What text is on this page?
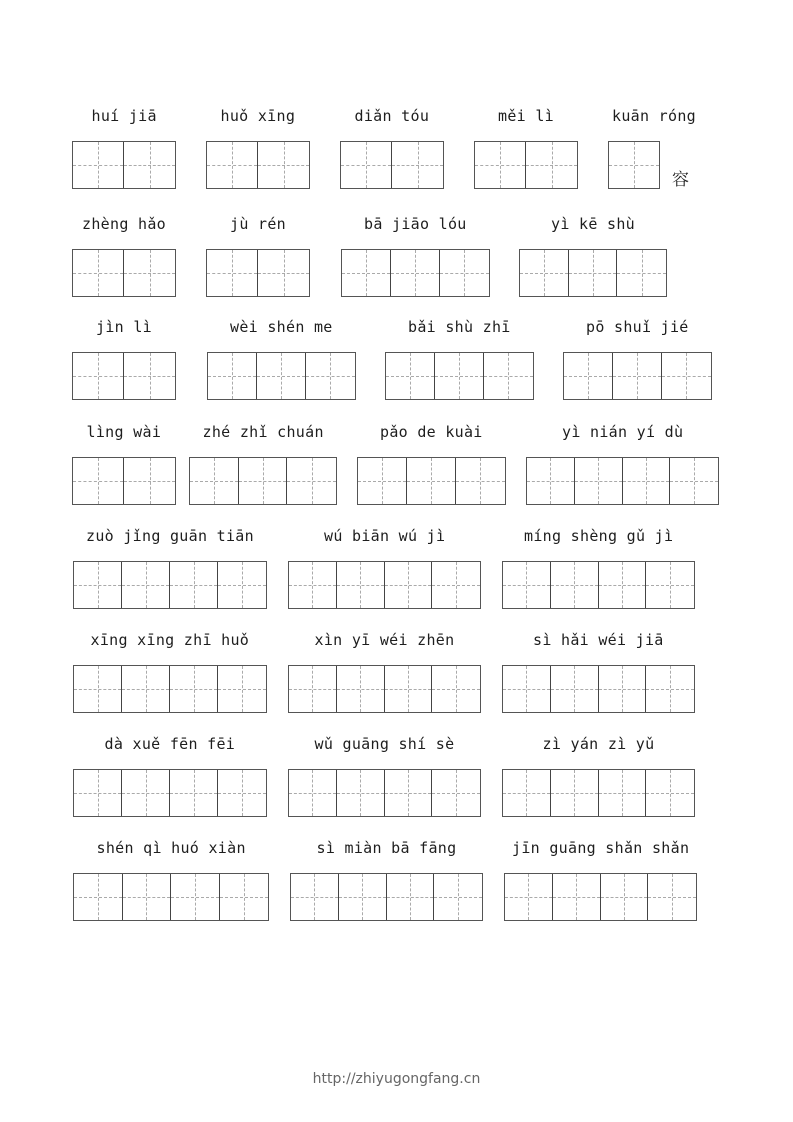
huí jiā	huǒ xīng	diǎn tóu	měi lì	kuān róng
容
zhèng hǎo	jù rén	bā jiāo lóu	yì kē shù
jìn lì	wèi shén me	bǎi shù zhī	pō shuǐ jié
lìng wài	zhé zhǐ chuán	pǎo de kuài	yì nián yí dù
zuò jǐng guān tiān	wú biān wú jì	míng shèng gǔ jì
xīng xīng zhī huǒ	xìn yī wéi zhēn	sì hǎi wéi jiā
dà xuě fēn fēi	wǔ guāng shí sè	zì yán zì yǔ
shén qì huó xiàn	sì miàn bā fāng	jīn guāng shǎn shǎn
http://zhiyugongfang.cn
